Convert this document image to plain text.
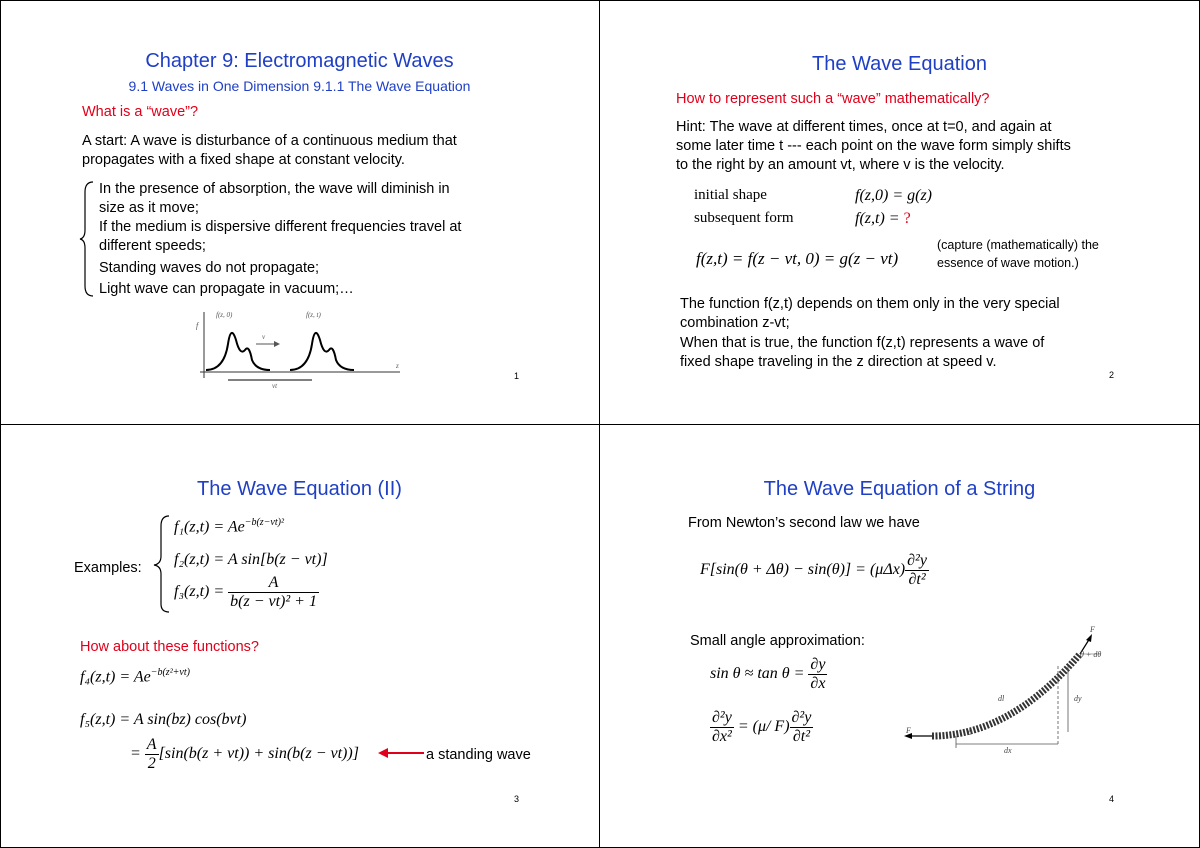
Chapter 9: Electromagnetic Waves
9.1 Waves in One Dimension 9.1.1 The Wave Equation
What is a “wave”?
A start: A wave is disturbance of a continuous medium that
propagates with a fixed shape at constant velocity.
In the presence of absorption, the wave will diminish in
size as it move;
If the medium is dispersive different frequencies travel at
different speeds;
Standing waves do not propagate;
Light wave can propagate in vacuum;…
f
f(z, 0)	f(z, t)
v
z
vt
1
The Wave Equation
How to represent such a “wave” mathematically?
Hint: The wave at different times, once at t=0, and again at
some later time t --- each point on the wave form simply shifts
to the right by an amount vt, where v is the velocity.
initial shape	f(z,0) = g(z)
subsequent form	f(z,t) = ?
f(z,t) = f(z − vt, 0) = g(z − vt)
(capture (mathematically) the
essence of wave motion.)
The function f(z,t) depends on them only in the very special
combination z-vt;
When that is true, the function f(z,t) represents a wave of
fixed shape traveling in the z direction at speed v.
2
The Wave Equation (II)
Examples:
$f_1(z,t) = Ae^{-b(z-vt)^2}$
f₂(z,t) = A sin[b(z − vt)]
$f_3(z,t) = \frac{A}{\text{b(z − vt)² + 1}}$
How about these functions?
$f_4(z,t) = Ae^{-b(z^2+vt)}$
f₅(z,t) = A sin(bz) cos(bvt)
= $\frac{A}{2} [\sin(b(z + vt)) + \sin(b(z - vt))]$	a standing wave
3
The Wave Equation of a String
From Newton’s second law we have
$F[\sin(\theta + \Delta\theta) - \sin(\theta)] = (\mu\Delta x) \frac{\text{∂²y}}{\text{∂t²}}$
Small angle approximation:
$\sin \theta \approx \tan \theta = \frac{\partial y}{\partial x}$
$\frac{\text{∂²y}}{\text{∂x²}} = (\mu/$ $F) \frac{\text{∂²y}}{\text{∂t²}}$
F
θ + dθ
dl	dy
F	θ
dx
4
